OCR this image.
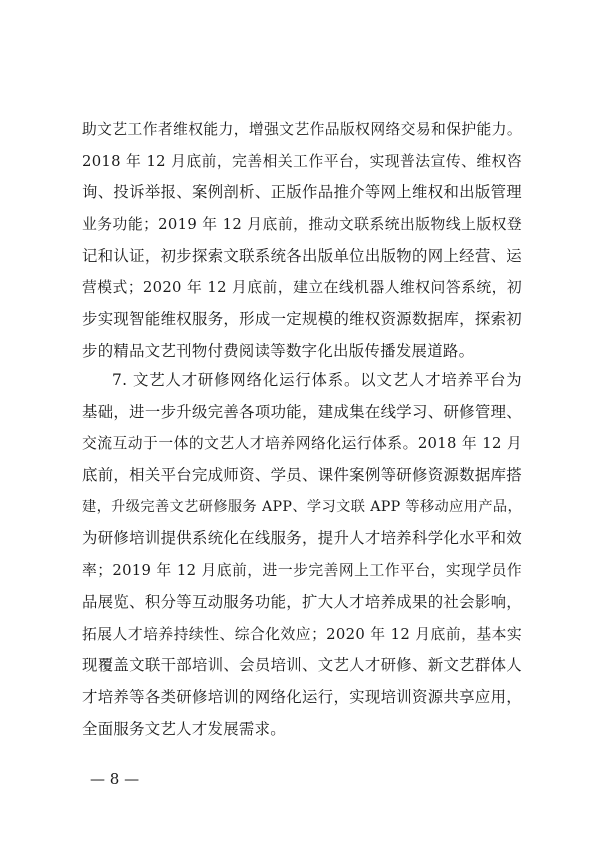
助文艺工作者维权能力，增强文艺作品版权网络交易和保护能力。
2018 年 12 月底前，完善相关工作平台，实现普法宣传、维权咨
询、投诉举报、案例剖析、正版作品推介等网上维权和出版管理
业务功能；2019 年 12 月底前，推动文联系统出版物线上版权登
记和认证，初步探索文联系统各出版单位出版物的网上经营、运
营模式；2020 年 12 月底前，建立在线机器人维权问答系统，初
步实现智能维权服务，形成一定规模的维权资源数据库，探索初
步的精品文艺刊物付费阅读等数字化出版传播发展道路。
7. 文艺人才研修网络化运行体系。以文艺人才培养平台为
基础，进一步升级完善各项功能，建成集在线学习、研修管理、
交流互动于一体的文艺人才培养网络化运行体系。2018 年 12 月
底前，相关平台完成师资、学员、课件案例等研修资源数据库搭
建，升级完善文艺研修服务 APP、学习文联 APP 等移动应用产品，
为研修培训提供系统化在线服务，提升人才培养科学化水平和效
率；2019 年 12 月底前，进一步完善网上工作平台，实现学员作
品展览、积分等互动服务功能，扩大人才培养成果的社会影响，
拓展人才培养持续性、综合化效应；2020 年 12 月底前，基本实
现覆盖文联干部培训、会员培训、文艺人才研修、新文艺群体人
才培养等各类研修培训的网络化运行，实现培训资源共享应用，
全面服务文艺人才发展需求。
— 8 —
